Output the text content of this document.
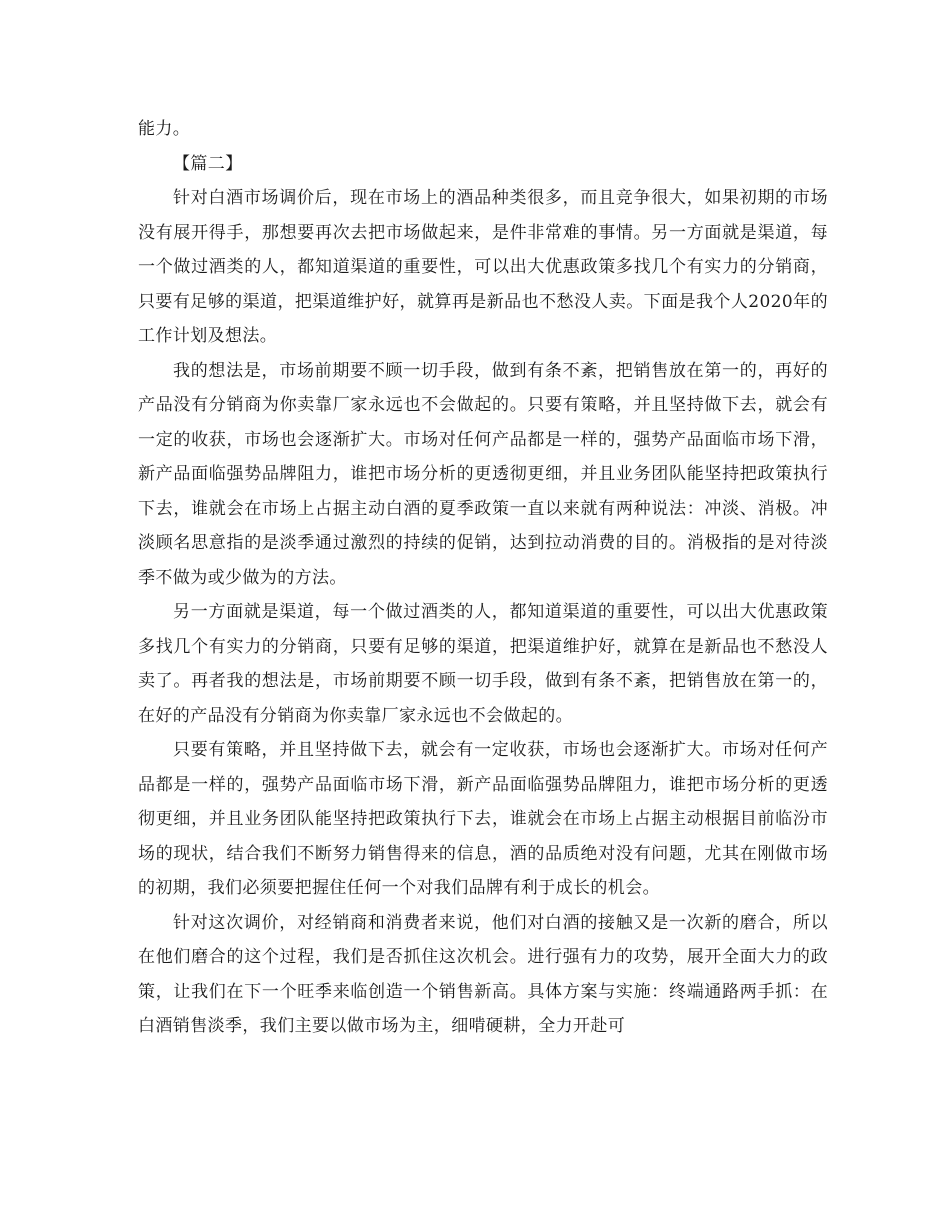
能力。

【篇二】

针对白酒市场调价后，现在市场上的酒品种类很多，而且竞争很大，如果初期的市场没有展开得手，那想要再次去把市场做起来，是件非常难的事情。另一方面就是渠道，每一个做过酒类的人，都知道渠道的重要性，可以出大优惠政策多找几个有实力的分销商，只要有足够的渠道，把渠道维护好，就算再是新品也不愁没人卖。下面是我个人2020年的工作计划及想法。

我的想法是，市场前期要不顾一切手段，做到有条不紊，把销售放在第一的，再好的产品没有分销商为你卖靠厂家永远也不会做起的。只要有策略，并且坚持做下去，就会有一定的收获，市场也会逐渐扩大。市场对任何产品都是一样的，强势产品面临市场下滑，新产品面临强势品牌阻力，谁把市场分析的更透彻更细，并且业务团队能坚持把政策执行下去，谁就会在市场上占据主动白酒的夏季政策一直以来就有两种说法：冲淡、消极。冲淡顾名思意指的是淡季通过激烈的持续的促销，达到拉动消费的目的。消极指的是对待淡季不做为或少做为的方法。

另一方面就是渠道，每一个做过酒类的人，都知道渠道的重要性，可以出大优惠政策多找几个有实力的分销商，只要有足够的渠道，把渠道维护好，就算在是新品也不愁没人卖了。再者我的想法是，市场前期要不顾一切手段，做到有条不紊，把销售放在第一的，在好的产品没有分销商为你卖靠厂家永远也不会做起的。

只要有策略，并且坚持做下去，就会有一定收获，市场也会逐渐扩大。市场对任何产品都是一样的，强势产品面临市场下滑，新产品面临强势品牌阻力，谁把市场分析的更透彻更细，并且业务团队能坚持把政策执行下去，谁就会在市场上占据主动根据目前临汾市场的现状，结合我们不断努力销售得来的信息，酒的品质绝对没有问题，尤其在刚做市场的初期，我们必须要把握住任何一个对我们品牌有利于成长的机会。

针对这次调价，对经销商和消费者来说，他们对白酒的接触又是一次新的磨合，所以在他们磨合的这个过程，我们是否抓住这次机会。进行强有力的攻势，展开全面大力的政策，让我们在下一个旺季来临创造一个销售新高。具体方案与实施：终端通路两手抓：在白酒销售淡季，我们主要以做市场为主，细啃硬耕，全力开赴可
